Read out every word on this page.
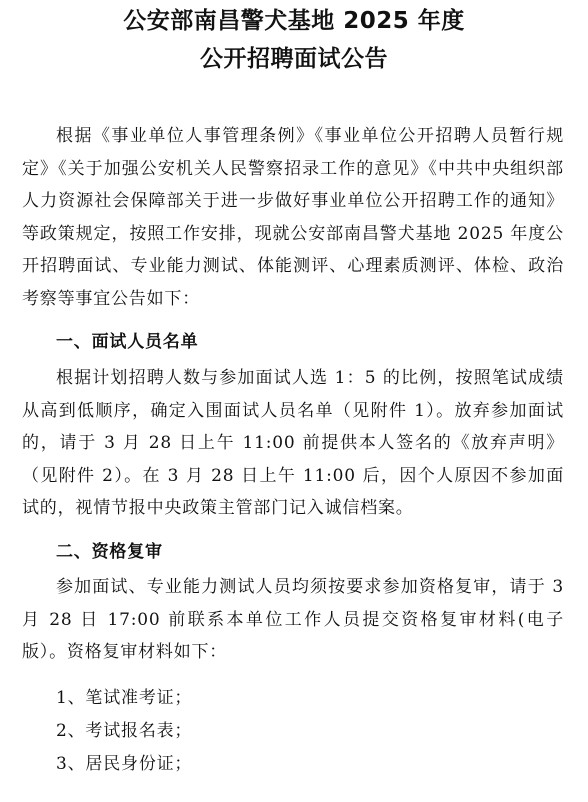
公安部南昌警犬基地 2025 年度
公开招聘面试公告

根据《事业单位人事管理条例》《事业单位公开招聘人员暂行规定》《关于加强公安机关人民警察招录工作的意见》《中共中央组织部 人力资源社会保障部关于进一步做好事业单位公开招聘工作的通知》等政策规定，按照工作安排，现就公安部南昌警犬基地 2025 年度公开招聘面试、专业能力测试、体能测评、心理素质测评、体检、政治考察等事宜公告如下：

一、面试人员名单

根据计划招聘人数与参加面试人选 1：5 的比例，按照笔试成绩从高到低顺序，确定入围面试人员名单（见附件 1）。放弃参加面试的，请于 3 月 28 日上午 11:00 前提供本人签名的《放弃声明》（见附件 2）。在 3 月 28 日上午 11:00 后，因个人原因不参加面试的，视情节报中央政策主管部门记入诚信档案。

二、资格复审

参加面试、专业能力测试人员均须按要求参加资格复审，请于 3 月 28 日 17:00 前联系本单位工作人员提交资格复审材料(电子版）。资格复审材料如下：

1、笔试准考证；

2、考试报名表；

3、居民身份证；
